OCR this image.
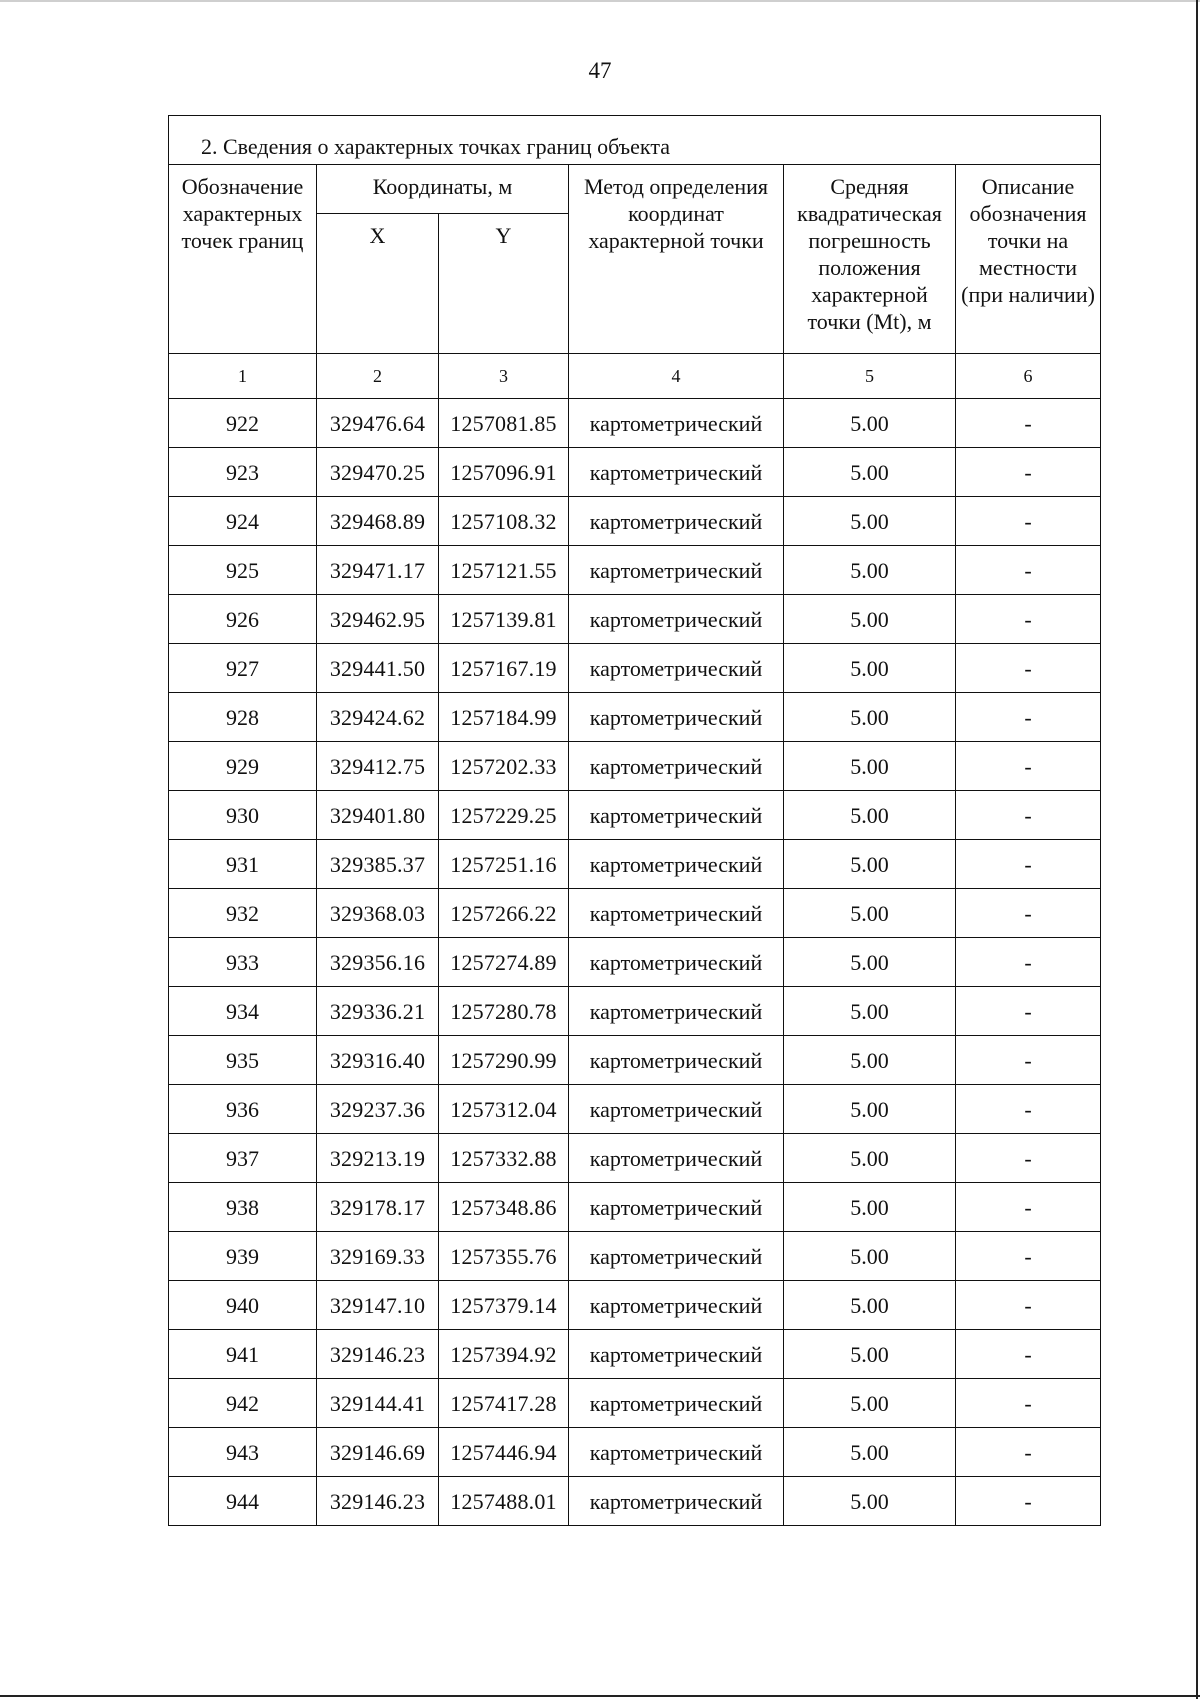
47
2. Сведения о характерных точках границ объекта					
Обозначение характерных точек границ	Координаты, м		Метод определения координат характерной точки	Средняя квадратическая погрешность положения характерной точки (Mt), м	Описание обозначения точки на местности (при наличии)
	X	Y			
1	2	3	4	5	6
922	329476.64	1257081.85	картометрический	5.00	-
923	329470.25	1257096.91	картометрический	5.00	-
924	329468.89	1257108.32	картометрический	5.00	-
925	329471.17	1257121.55	картометрический	5.00	-
926	329462.95	1257139.81	картометрический	5.00	-
927	329441.50	1257167.19	картометрический	5.00	-
928	329424.62	1257184.99	картометрический	5.00	-
929	329412.75	1257202.33	картометрический	5.00	-
930	329401.80	1257229.25	картометрический	5.00	-
931	329385.37	1257251.16	картометрический	5.00	-
932	329368.03	1257266.22	картометрический	5.00	-
933	329356.16	1257274.89	картометрический	5.00	-
934	329336.21	1257280.78	картометрический	5.00	-
935	329316.40	1257290.99	картометрический	5.00	-
936	329237.36	1257312.04	картометрический	5.00	-
937	329213.19	1257332.88	картометрический	5.00	-
938	329178.17	1257348.86	картометрический	5.00	-
939	329169.33	1257355.76	картометрический	5.00	-
940	329147.10	1257379.14	картометрический	5.00	-
941	329146.23	1257394.92	картометрический	5.00	-
942	329144.41	1257417.28	картометрический	5.00	-
943	329146.69	1257446.94	картометрический	5.00	-
944	329146.23	1257488.01	картометрический	5.00	-
